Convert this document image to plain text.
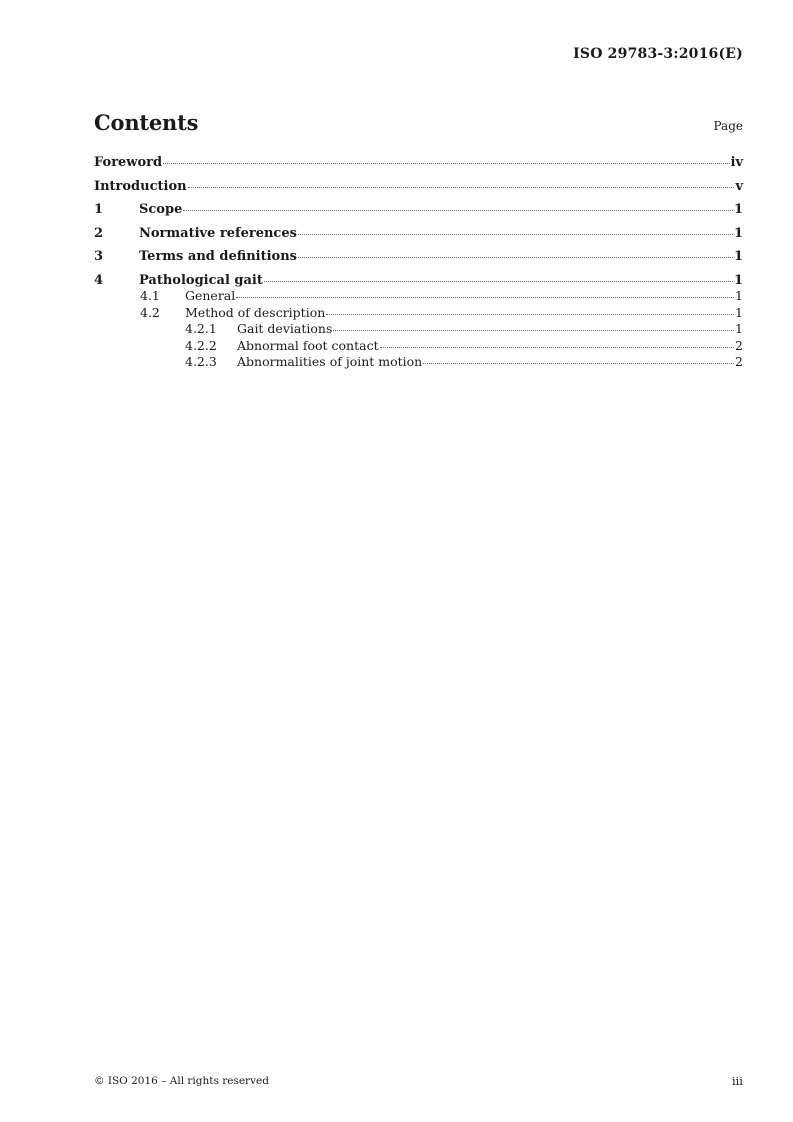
ISO 29783-3:2016(E)
Contents	Page
Foreword	iv
Introduction	v
1	Scope	1
2	Normative references	1
3	Terms and definitions	1
4	Pathological gait	1
4.1	General	1
4.2	Method of description	1
4.2.1	Gait deviations	1
4.2.2	Abnormal foot contact	2
4.2.3	Abnormalities of joint motion	2
© ISO 2016 – All rights reserved	iii
